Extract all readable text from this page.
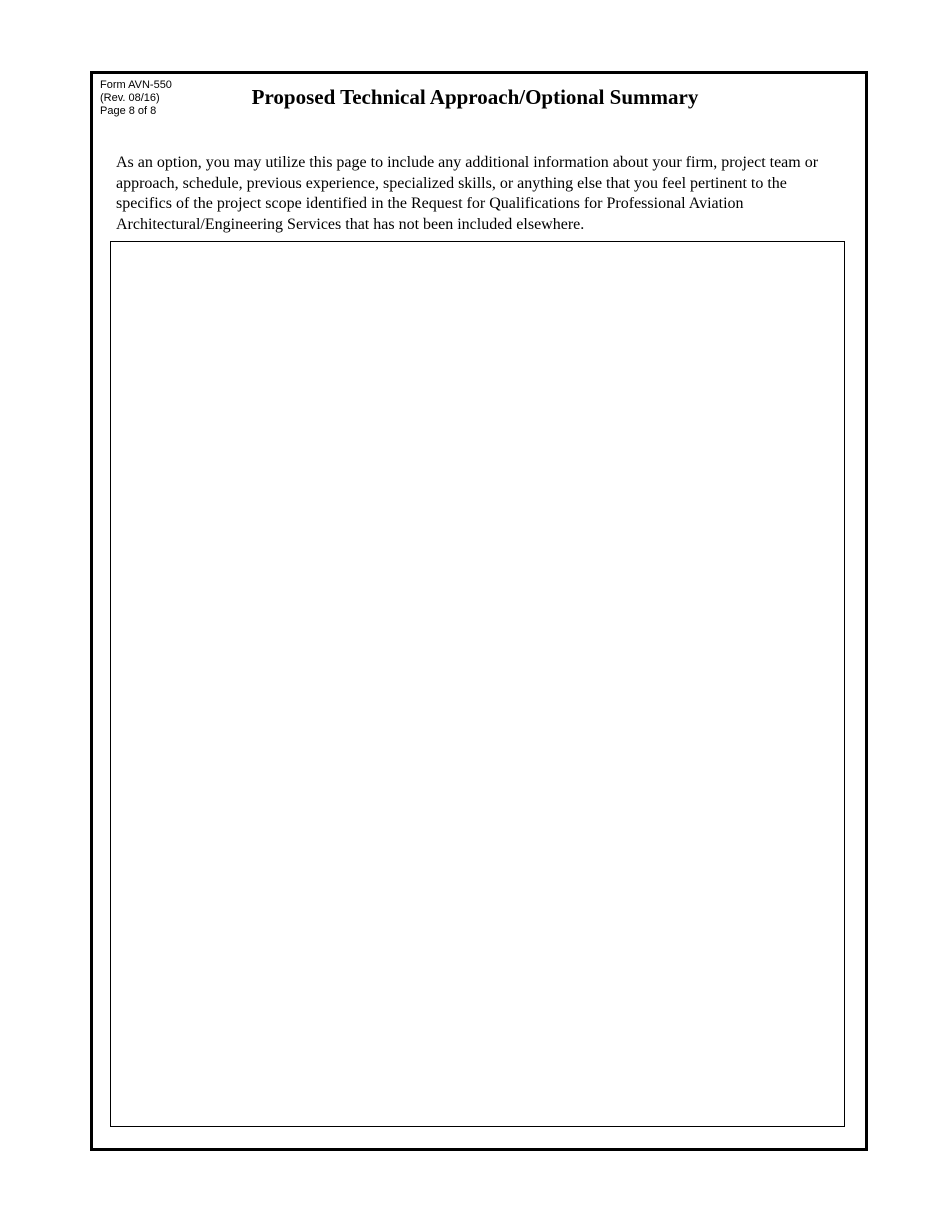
Form AVN-550
(Rev. 08/16)
Page 8 of 8
Proposed Technical Approach/Optional Summary
As an option, you may utilize this page to include any additional information about your firm, project team or approach, schedule, previous experience, specialized skills, or anything else that you feel pertinent to the specifics of the project scope identified in the Request for Qualifications for Professional Aviation Architectural/Engineering Services that has not been included elsewhere.
